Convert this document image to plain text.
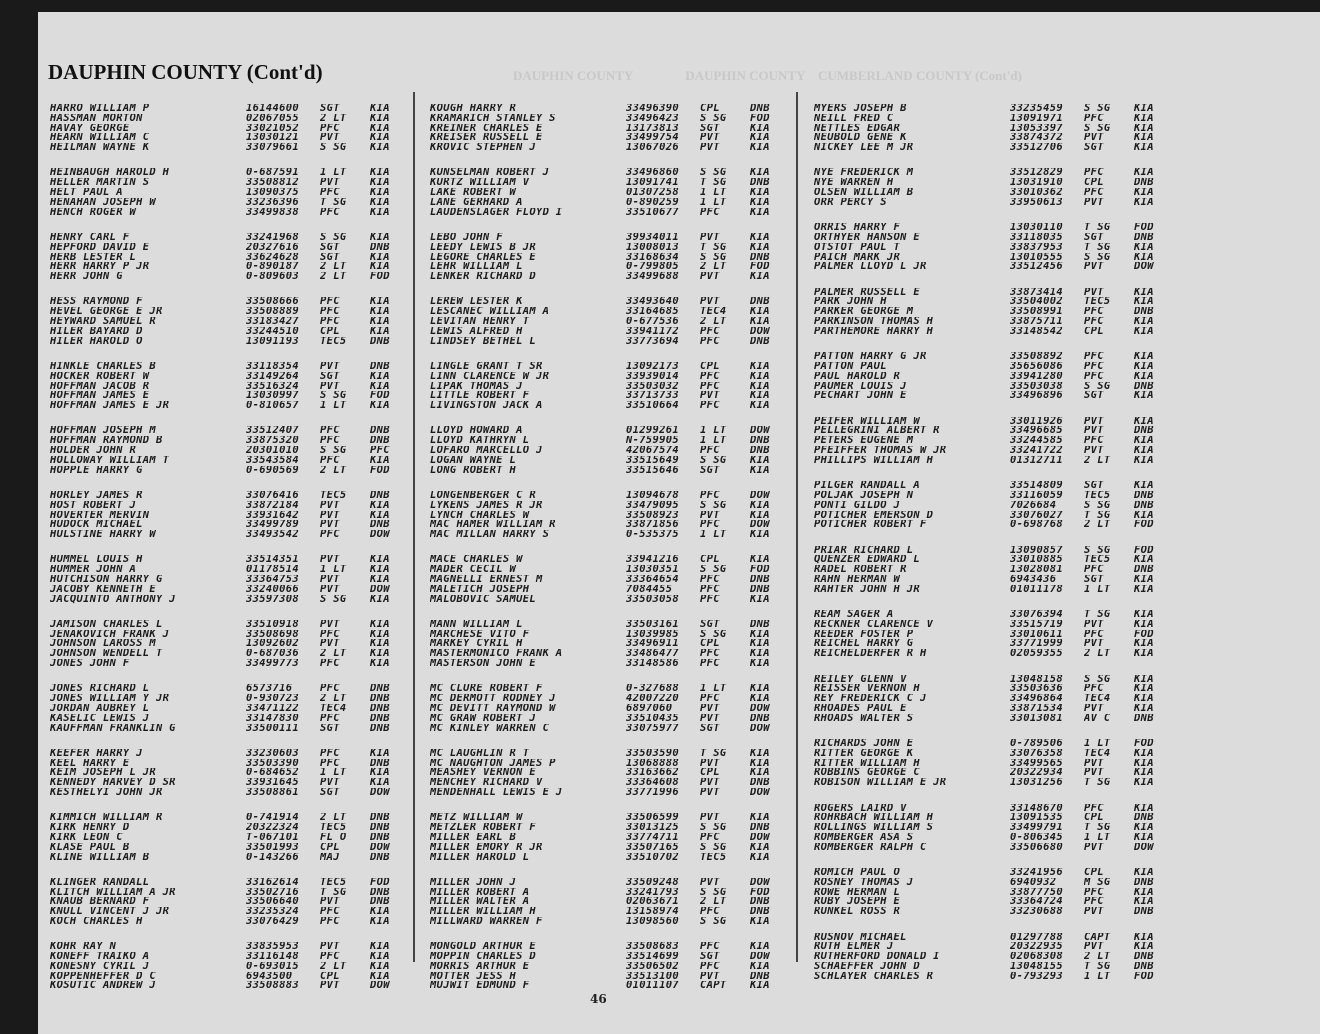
DAUPHIN COUNTY                DAUPHIN COUNTY CUMBERLAND COUNTY (Cont'd)
DAUPHIN COUNTY (Cont'd)
HARRO WILLIAM P	16144600	SGT	KIA
HASSMAN MORTON	02067055	2 LT	KIA
HAVAY GEORGE	33021052	PFC	KIA
HEARN WILLIAM C	13030121	PVT	KIA
HEILMAN WAYNE K	33079661	S SG	KIA
HEINBAUGH HAROLD H	0-687591	1 LT	KIA
HELLER MARTIN S	33508812	PVT	KIA
HELT PAUL A	13090375	PFC	KIA
HENAHAN JOSEPH W	33236396	T SG	KIA
HENCH ROGER W	33499838	PFC	KIA
HENRY CARL F	33241968	S SG	KIA
HEPFORD DAVID E	20327616	SGT	DNB
HERB LESTER L	33624628	SGT	KIA
HERR HARRY P JR	0-890187	2 LT	KIA
HERR JOHN G	0-809603	2 LT	FOD
HESS RAYMOND F	33508666	PFC	KIA
HEVEL GEORGE E JR	33508889	PFC	KIA
HEYWARD SAMUEL R	33183427	PFC	KIA
HILER BAYARD D	33244510	CPL	KIA
HILER HAROLD O	13091193	TEC5	DNB
HINKLE CHARLES B	33118354	PVT	DNB
HOCKER ROBERT W	33149264	SGT	KIA
HOFFMAN JACOB R	33516324	PVT	KIA
HOFFMAN JAMES E	13030997	S SG	FOD
HOFFMAN JAMES E JR	0-810657	1 LT	KIA
HOFFMAN JOSEPH M	33512407	PFC	DNB
HOFFMAN RAYMOND B	33875320	PFC	DNB
HOLDER JOHN R	20301010	S SG	PFC
HOLLOWAY WILLIAM T	33543584	PFC	KIA
HOPPLE HARRY G	0-690569	2 LT	FOD
HORLEY JAMES R	33076416	TEC5	DNB
HOST ROBERT J	33872184	PVT	KIA
HOVERTER MERVIN	33931642	PVT	KIA
HUDOCK MICHAEL	33499789	PVT	DNB
HULSTINE HARRY W	33493542	PFC	DOW
HUMMEL LOUIS H	33514351	PVT	KIA
HUMMER JOHN A	01178514	1 LT	KIA
HUTCHISON HARRY G	33364753	PVT	KIA
JACOBY KENNETH E	33240066	PVT	DOW
JACQUINTO ANTHONY J	33597308	S SG	KIA
JAMISON CHARLES L	33510918	PVT	KIA
JENAKOVICH FRANK J	33508698	PFC	KIA
JOHNSON LAROSS M	13092602	PVT	KIA
JOHNSON WENDELL T	0-687036	2 LT	KIA
JONES JOHN F	33499773	PFC	KIA
JONES RICHARD L	6573716	PFC	DNB
JONES WILLIAM Y JR	0-930723	2 LT	DNB
JORDAN AUBREY L	33471122	TEC4	DNB
KASELIC LEWIS J	33147830	PFC	DNB
KAUFFMAN FRANKLIN G	33500111	SGT	DNB
KEEFER HARRY J	33230603	PFC	KIA
KEEL HARRY E	33503390	PFC	DNB
KEIM JOSEPH L JR	0-684652	1 LT	KIA
KENNEDY HARVEY D SR	33931645	PVT	KIA
KESTHELYI JOHN JR	33508861	SGT	DOW
KIMMICH WILLIAM R	0-741914	2 LT	DNB
KIRK HENRY D	20322324	TEC5	DNB
KIRK LEON C	T-067101	FL O	DNB
KLASE PAUL B	33501993	CPL	DOW
KLINE WILLIAM B	0-143266	MAJ	DNB
KLINGER RANDALL	33162614	TEC5	FOD
KLITCH WILLIAM A JR	33502716	T SG	DNB
KNAUB BERNARD F	33506640	PVT	DNB
KNULL VINCENT J JR	33235324	PFC	KIA
KOCH CHARLES H	33076429	PFC	KIA
KOHR RAY N	33835953	PVT	KIA
KONEFF TRAIKO A	33116148	PFC	KIA
KONESNY CYRIL J	0-693015	2 LT	KIA
KOPPENHEFFER D C	6943500	CPL	KIA
KOSUTIC ANDREW J	33508883	PVT	DOW
KOUGH HARRY R	33496390	CPL	DNB
KRAMARICH STANLEY S	33496423	S SG	FOD
KREINER CHARLES E	13173813	SGT	KIA
KREISER RUSSELL E	33499754	PVT	KIA
KROVIC STEPHEN J	13067026	PVT	KIA
KUNSELMAN ROBERT J	33496860	S SG	KIA
KURTZ WILLIAM V	13091741	T SG	DNB
LAKE ROBERT W	01307258	1 LT	KIA
LANE GERHARD A	0-890259	1 LT	KIA
LAUDENSLAGER FLOYD I	33510677	PFC	KIA
LEBO JOHN F	39934011	PVT	KIA
LEEDY LEWIS B JR	13008013	T SG	KIA
LEGORE CHARLES E	33168634	S SG	DNB
LEHR WILLIAM L	0-799805	2 LT	FOD
LENKER RICHARD D	33499688	PVT	KIA
LEREW LESTER K	33493640	PVT	DNB
LESCANEC WILLIAM A	33164685	TEC4	KIA
LEVITAN HENRY T	0-677536	2 LT	KIA
LEWIS ALFRED H	33941172	PFC	DOW
LINDSEY BETHEL L	33773694	PFC	DNB
LINGLE GRANT T SR	13092173	CPL	KIA
LINN CLARENCE W JR	33939014	PFC	KIA
LIPAK THOMAS J	33503032	PFC	KIA
LITTLE ROBERT F	33713733	PVT	KIA
LIVINGSTON JACK A	33510664	PFC	KIA
LLOYD HOWARD A	01299261	1 LT	DOW
LLOYD KATHRYN L	N-759905	1 LT	DNB
LOFARO MARCELLO J	42067574	PFC	DNB
LOGAN WAYNE L	33515649	S SG	KIA
LONG ROBERT H	33515646	SGT	KIA
LONGENBERGER C R	13094678	PFC	DOW
LYKENS JAMES R JR	33479095	S SG	KIA
LYNCH CHARLES W	33508923	PVT	KIA
MAC HAMER WILLIAM R	33871856	PFC	DOW
MAC MILLAN HARRY S	0-535375	1 LT	KIA
MACE CHARLES W	33941216	CPL	KIA
MADER CECIL W	13030351	S SG	FOD
MAGNELLI ERNEST M	33364654	PFC	DNB
MALETICH JOSEPH	7084455	PFC	DNB
MALOBOVIC SAMUEL	33503058	PFC	KIA
MANN WILLIAM L	33503161	SGT	DNB
MARCHESE VITO F	13039985	S SG	KIA
MARKEY CYRIL H	33496911	CPL	KIA
MASTERMONICO FRANK A	33486477	PFC	KIA
MASTERSON JOHN E	33148586	PFC	KIA
MC CLURE ROBERT F	0-327688	1 LT	KIA
MC DERMOTT RODNEY J	42007220	PFC	KIA
MC DEVITT RAYMOND W	6897060	PVT	DOW
MC GRAW ROBERT J	33510435	PVT	DNB
MC KINLEY WARREN C	33075977	SGT	DOW
MC LAUGHLIN R T	33503590	T SG	KIA
MC NAUGHTON JAMES P	13068888	PVT	KIA
MEASHEY VERNON E	33163662	CPL	KIA
MENCHEY RICHARD V	33364608	PVT	DNB
MENDENHALL LEWIS E J	33771996	PVT	DOW
METZ WILLIAM W	33506599	PVT	KIA
METZLER ROBERT F	33013125	S SG	DNB
MILLER EARL B	33774711	PFC	DOW
MILLER EMORY R JR	33507165	S SG	KIA
MILLER HAROLD L	33510702	TEC5	KIA
MILLER JOHN J	33509248	PVT	DOW
MILLER ROBERT A	33241793	S SG	FOD
MILLER WALTER A	02063671	2 LT	DNB
MILLER WILLIAM H	13158974	PFC	DNB
MILLWARD WARREN F	13098560	S SG	KIA
MONGOLD ARTHUR E	33508683	PFC	KIA
MOPPIN CHARLES D	33514699	SGT	DOW
MORRIS ARTHUR E	33506502	PFC	KIA
MOTTER JESS H	33513100	PVT	DNB
MUJWIT EDMUND F	01011107	CAPT	KIA
MYERS JOSEPH B	33235459	S SG	KIA
NEILL FRED C	13091971	PFC	KIA
NETTLES EDGAR	13053397	S SG	KIA
NEUBOLD GENE K	33874372	PVT	KIA
NICKEY LEE M JR	33512706	SGT	KIA
NYE FREDERICK M	33512829	PFC	KIA
NYE WARREN H	13031910	CPL	DNB
OLSEN WILLIAM B	33010362	PFC	KIA
ORR PERCY S	33950613	PVT	KIA
ORRIS HARRY F	13030110	T SG	FOD
ORTHYER HANSON E	33118035	SGT	DNB
OTSTOT PAUL T	33837953	T SG	KIA
PAICH MARK JR	13010555	S SG	KIA
PALMER LLOYD L JR	33512456	PVT	DOW
PALMER RUSSELL E	33873414	PVT	KIA
PARK JOHN H	33504002	TEC5	KIA
PARKER GEORGE M	33508991	PFC	DNB
PARKINSON THOMAS H	33875711	PFC	KIA
PARTHEMORE HARRY H	33148542	CPL	KIA
PATTON HARRY G JR	33508892	PFC	KIA
PATTON PAUL	35656086	PFC	KIA
PAUL HAROLD R	33941280	PFC	KIA
PAUMER LOUIS J	33503038	S SG	DNB
PECHART JOHN E	33496896	SGT	KIA
PEIFER WILLIAM W	33011926	PVT	KIA
PELLEGRINI ALBERT R	33496685	PVT	DNB
PETERS EUGENE M	33244585	PFC	KIA
PFEIFFER THOMAS W JR	33241722	PVT	KIA
PHILLIPS WILLIAM H	01312711	2 LT	KIA
PILGER RANDALL A	33514809	SGT	KIA
POLJAK JOSEPH N	33116059	TEC5	DNB
PONTI GILDO J	7026684	S SG	DNB
POTICHER EMERSON D	33076027	T SG	KIA
POTICHER ROBERT F	0-698768	2 LT	FOD
PRIAR RICHARD L	13090857	S SG	FOD
QUENZER EDWARD L	33010885	TEC5	KIA
RADEL ROBERT R	13028081	PFC	DNB
RAHN HERMAN W	6943436	SGT	KIA
RAHTER JOHN H JR	01011178	1 LT	KIA
REAM SAGER A	33076394	T SG	KIA
RECKNER CLARENCE V	33515719	PVT	KIA
REEDER FOSTER P	33010611	PFC	FOD
REICHEL HARRY G	33771999	PVT	KIA
REICHELDERFER R H	02059355	2 LT	KIA
REILEY GLENN V	13048158	S SG	KIA
REISSER VERNON H	33503636	PFC	KIA
REY FREDERICK C J	33496864	TEC4	KIA
RHOADES PAUL E	33871534	PVT	KIA
RHOADS WALTER S	33013081	AV C	DNB
RICHARDS JOHN E	0-789506	1 LT	FOD
RITTER GEORGE K	33076358	TEC4	KIA
RITTER WILLIAM H	33499565	PVT	KIA
ROBBINS GEORGE C	20322934	PVT	KIA
ROBISON WILLIAM E JR	13031256	T SG	KIA
ROGERS LAIRD V	33148670	PFC	KIA
ROHRBACH WILLIAM H	13091535	CPL	DNB
ROLLINGS WILLIAM S	33499791	T SG	KIA
ROMBERGER ASA S	0-806345	1 LT	KIA
ROMBERGER RALPH C	33506680	PVT	DOW
ROMICH PAUL O	33241956	CPL	KIA
ROSNEY THOMAS J	6940932	M SG	DNB
ROWE HERMAN L	33877750	PFC	KIA
RUBY JOSEPH E	33364724	PFC	KIA
RUNKEL ROSS R	33230688	PVT	DNB
RUSNOV MICHAEL	01297788	CAPT	KIA
RUTH ELMER J	20322935	PVT	KIA
RUTHERFORD DONALD I	02068308	2 LT	DNB
SCHAEFFER JOHN D	13048155	T SG	DNB
SCHLAYER CHARLES R	0-793293	1 LT	FOD
46
